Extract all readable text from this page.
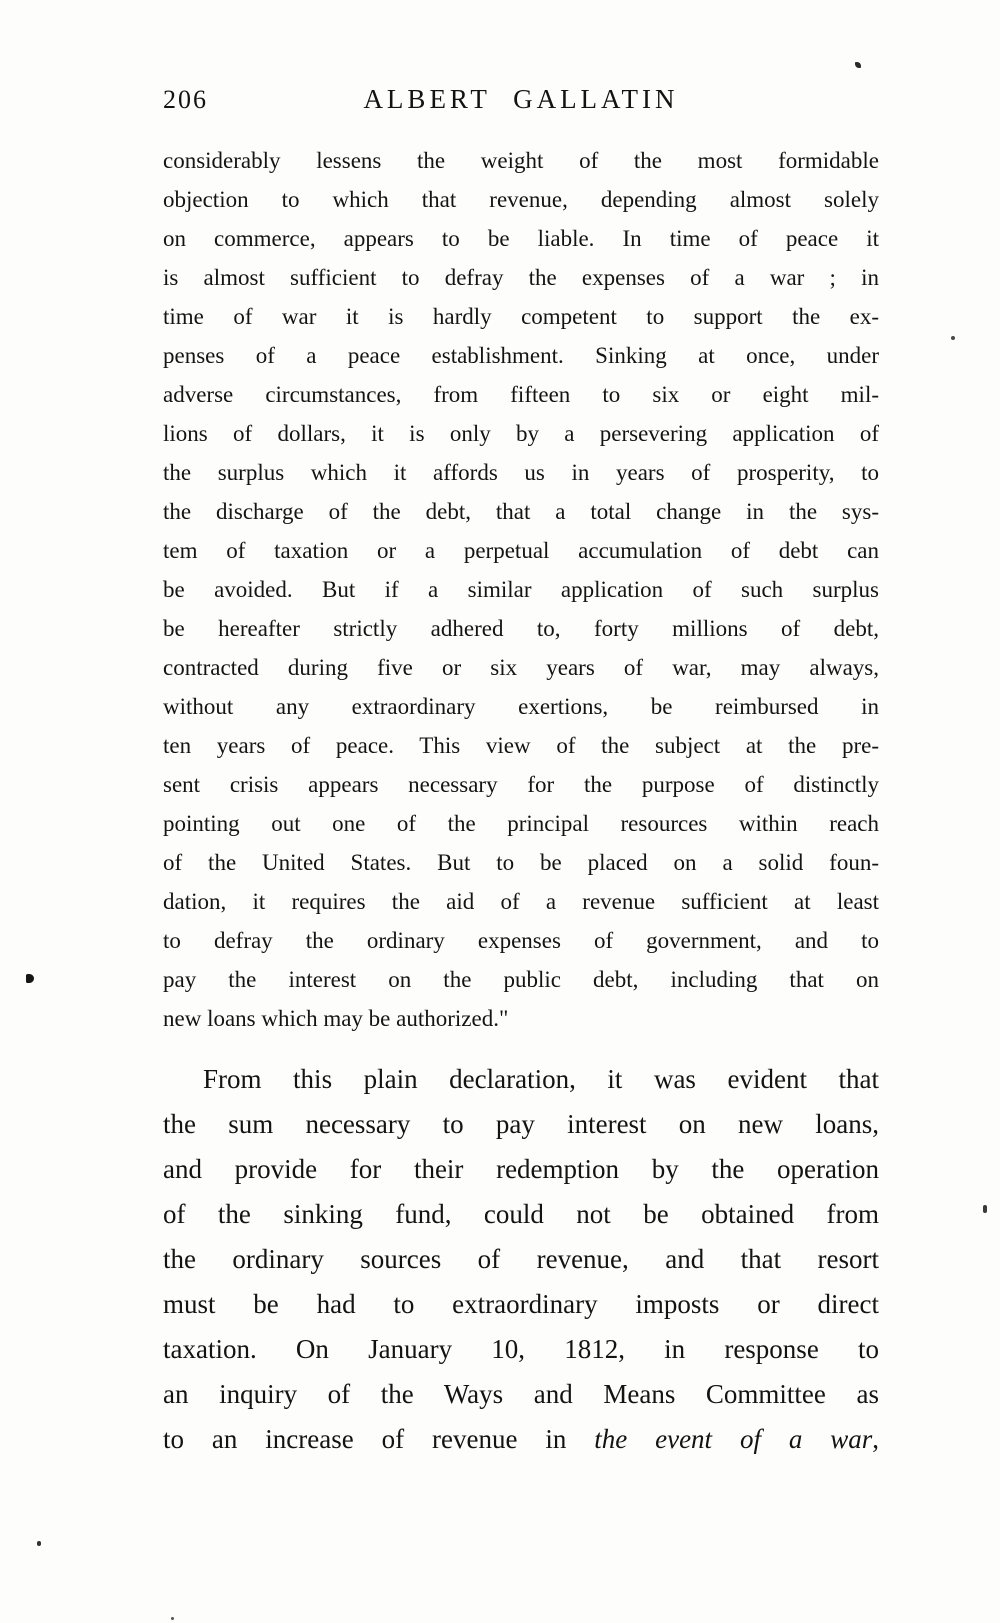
206	ALBERT GALLATIN
considerably lessens the weight of the most formidable
objection to which that revenue, depending almost solely
on commerce, appears to be liable. In time of peace it
is almost sufficient to defray the expenses of a war ; in
time of war it is hardly competent to support the ex-
penses of a peace establishment. Sinking at once, under
adverse circumstances, from fifteen to six or eight mil-
lions of dollars, it is only by a persevering application of
the surplus which it affords us in years of prosperity, to
the discharge of the debt, that a total change in the sys-
tem of taxation or a perpetual accumulation of debt can
be avoided. But if a similar application of such surplus
be hereafter strictly adhered to, forty millions of debt,
contracted during five or six years of war, may always,
without any extraordinary exertions, be reimbursed in
ten years of peace. This view of the subject at the pre-
sent crisis appears necessary for the purpose of distinctly
pointing out one of the principal resources within reach
of the United States. But to be placed on a solid foun-
dation, it requires the aid of a revenue sufficient at least
to defray the ordinary expenses of government, and to
pay the interest on the public debt, including that on
new loans which may be authorized."
From this plain declaration, it was evident that
the sum necessary to pay interest on new loans,
and provide for their redemption by the operation
of the sinking fund, could not be obtained from
the ordinary sources of revenue, and that resort
must be had to extraordinary imposts or direct
taxation. On January 10, 1812, in response to
an inquiry of the Ways and Means Committee as
to an increase of revenue in the event of a war,
